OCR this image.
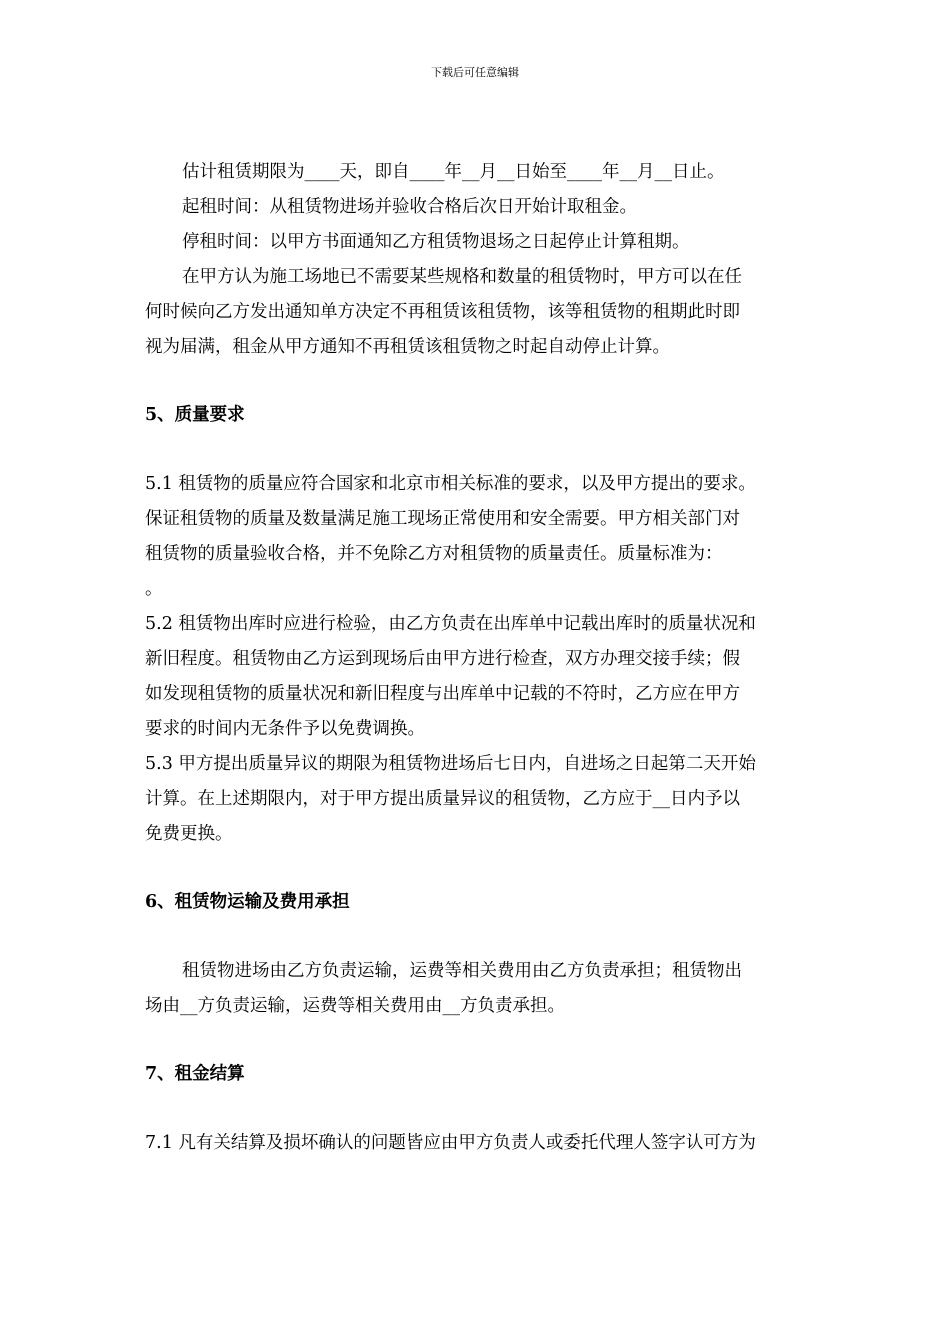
下载后可任意编辑

估计租赁期限为____天，即自____年__月__日始至____年__月__日止。

起租时间：从租赁物进场并验收合格后次日开始计取租金。

停租时间：以甲方书面通知乙方租赁物退场之日起停止计算租期。

在甲方认为施工场地已不需要某些规格和数量的租赁物时，甲方可以在任

何时候向乙方发出通知单方决定不再租赁该租赁物，该等租赁物的租期此时即

视为届满，租金从甲方通知不再租赁该租赁物之时起自动停止计算。

5、质量要求

5.1 租赁物的质量应符合国家和北京市相关标准的要求，以及甲方提出的要求。

保证租赁物的质量及数量满足施工现场正常使用和安全需要。甲方相关部门对

租赁物的质量验收合格，并不免除乙方对租赁物的质量责任。质量标准为：

。

5.2 租赁物出库时应进行检验，由乙方负责在出库单中记载出库时的质量状况和

新旧程度。租赁物由乙方运到现场后由甲方进行检查，双方办理交接手续；假

如发现租赁物的质量状况和新旧程度与出库单中记载的不符时，乙方应在甲方

要求的时间内无条件予以免费调换。

5.3 甲方提出质量异议的期限为租赁物进场后七日内，自进场之日起第二天开始

计算。在上述期限内，对于甲方提出质量异议的租赁物，乙方应于__日内予以

免费更换。

6、租赁物运输及费用承担

租赁物进场由乙方负责运输，运费等相关费用由乙方负责承担；租赁物出

场由__方负责运输，运费等相关费用由__方负责承担。

7、租金结算

7.1 凡有关结算及损坏确认的问题皆应由甲方负责人或委托代理人签字认可方为
